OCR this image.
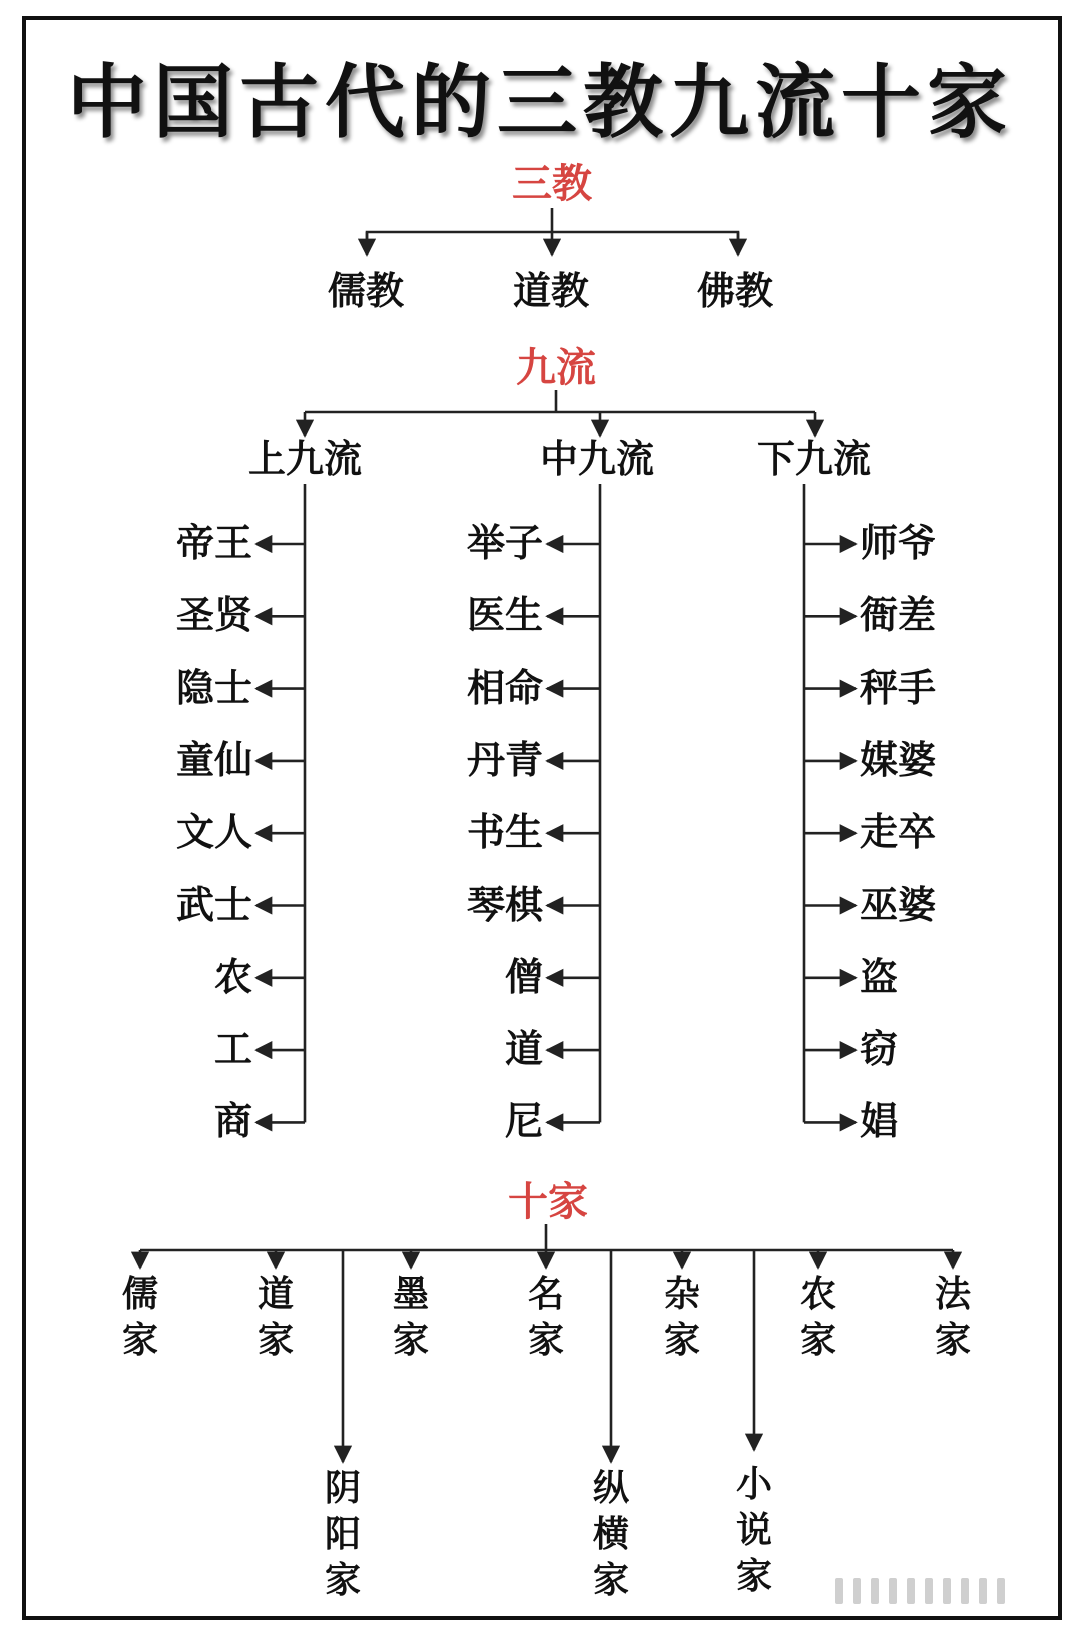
中国古代的三教九流十家
三教
儒教	道教	佛教
九流
上九流	中九流	下九流
帝王
圣贤
隐士
童仙
文人
武士
农
工
商
举子
医生
相命
丹青
书生
琴棋
僧
道
尼
师爷
衙差
秤手
媒婆
走卒
巫婆
盗
窃
娼
十家
儒家
道家
阴阳家
墨家
名家
纵横家
杂家
小说家
农家
法家
